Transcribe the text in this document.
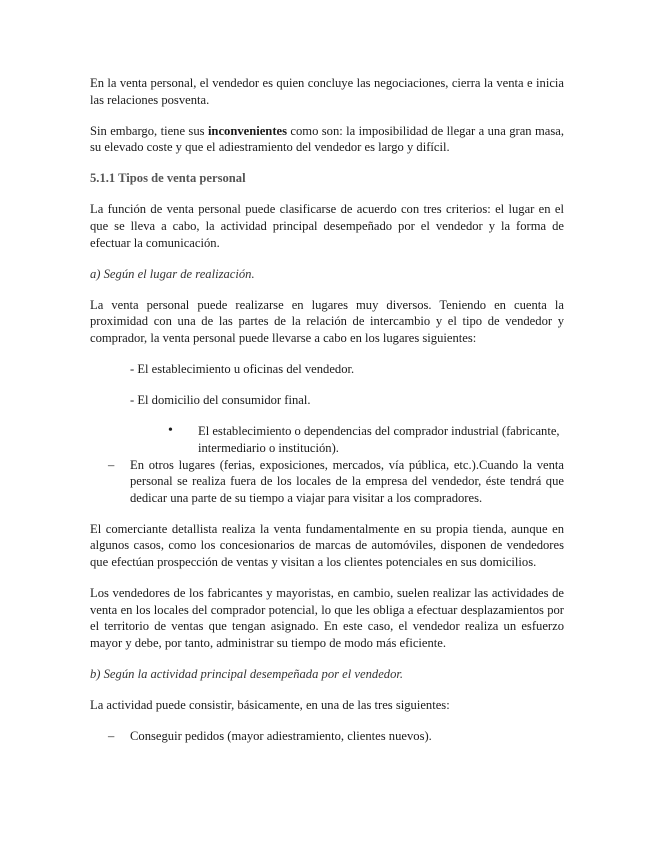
En la venta personal, el vendedor es quien concluye las negociaciones, cierra la venta e inicia las relaciones posventa.

Sin embargo, tiene sus inconvenientes como son: la imposibilidad de llegar a una gran masa, su elevado coste y que el adiestramiento del vendedor es largo y difícil.

5.1.1 Tipos de venta personal

La función de venta personal puede clasificarse de acuerdo con tres criterios: el lugar en el que se lleva a cabo, la actividad principal desempeñado por el vendedor y la forma de efectuar la comunicación.

a) Según el lugar de realización.

La venta personal puede realizarse en lugares muy diversos. Teniendo en cuenta la proximidad con una de las partes de la relación de intercambio y el tipo de vendedor y comprador, la venta personal puede llevarse a cabo en los lugares siguientes:

- El establecimiento u oficinas del vendedor.

- El domicilio del consumidor final.

• El establecimiento o dependencias del comprador industrial (fabricante, intermediario o institución).

– En otros lugares (ferias, exposiciones, mercados, vía pública, etc.).Cuando la venta personal se realiza fuera de los locales de la empresa del vendedor, éste tendrá que dedicar una parte de su tiempo a viajar para visitar a los compradores.

El comerciante detallista realiza la venta fundamentalmente en su propia tienda, aunque en algunos casos, como los concesionarios de marcas de automóviles, disponen de vendedores que efectúan prospección de ventas y visitan a los clientes potenciales en sus domicilios.

Los vendedores de los fabricantes y mayoristas, en cambio, suelen realizar las actividades de venta en los locales del comprador potencial, lo que les obliga a efectuar desplazamientos por el territorio de ventas que tengan asignado. En este caso, el vendedor realiza un esfuerzo mayor y debe, por tanto, administrar su tiempo de modo más eficiente.

b) Según la actividad principal desempeñada por el vendedor.

La actividad puede consistir, básicamente, en una de las tres siguientes:

– Conseguir pedidos (mayor adiestramiento, clientes nuevos).
